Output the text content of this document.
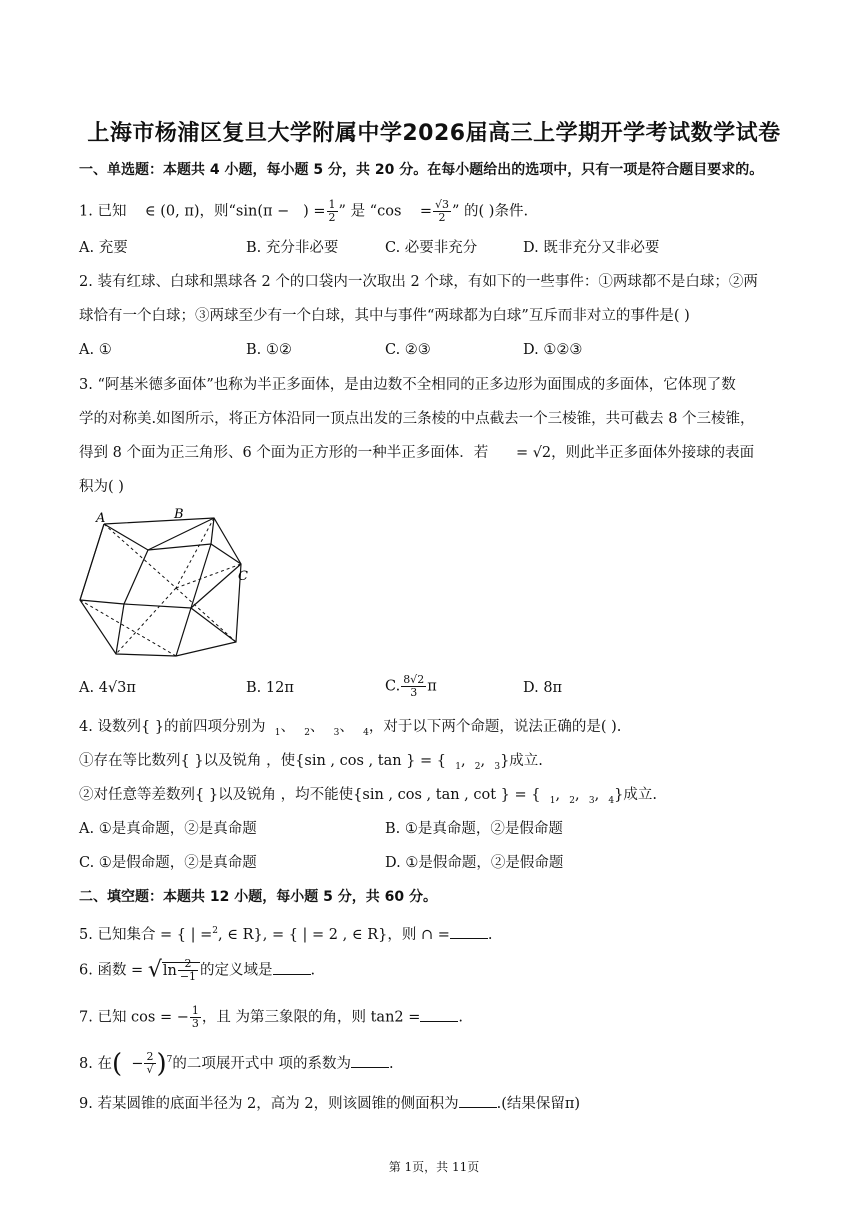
上海市杨浦区复旦大学附属中学2026届高三上学期开学考试数学试卷
一、单选题：本题共 4 小题，每小题 5 分，共 20 分。在每小题给出的选项中，只有一项是符合题目要求的。
1. 已知 ∈ (0, π)，则“sin(π − ) = $\frac{1}{2}$ ” 是 “$\cos = \frac{√3}{2}$ ” 的( )条件.
A. 充要	B. 充分非必要	C. 必要非充分	D. 既非充分又非必要
2. 装有红球、白球和黑球各 2 个的口袋内一次取出 2 个球，有如下的一些事件：①两球都不是白球；②两
球恰有一个白球；③两球至少有一个白球，其中与事件“两球都为白球”互斥而非对立的事件是( )
A. ①	B. ①②	C. ②③	D. ①②③
3. “阿基米德多面体”也称为半正多面体，是由边数不全相同的正多边形为面围成的多面体，它体现了数
学的对称美.如图所示，将正方体沿同一顶点出发的三条棱的中点截去一个三棱锥，共可截去 8 个三棱锥，
得到 8 个面为正三角形、6 个面为正方形的一种半正多面体．若 = √2，则此半正多面体外接球的表面
积为( )
A	B
C
A. 4√3π	B. 12π	C. $\frac{8√2}{3}$ π	D. 8π
4. 设数列{ }的前四项分别为 $_1$、  $_2$、  $_3$、  $_4$，对于以下两个命题，说法正确的是( ).
①存在等比数列{ }以及锐角 ，使{sin , cos , tan } = { $_1$,  $_2$,  $_3$}成立.
②对任意等差数列{ }以及锐角 ，均不能使{sin , cos , tan , cot } = { $_1$,  $_2$,  $_3$,  $_4$}成立.
A. ①是真命题，②是真命题	B. ①是真命题，②是假命题
C. ①是假命题，②是真命题	D. ①是假命题，②是假命题
二、填空题：本题共 12 小题，每小题 5 分，共 60 分。
5. 已知集合 = { | =$^2$, ∈ R}, = { | = 2 , ∈ R}，则 ∩ =	.
6. 函数 = $√\ln \frac{2}{-1}$ 的定义域是	.
7. 已知 cos = − $\frac{1}{3}$ ，且 为第三象限的角，则 tan2 =	.
8. 在(  − $\frac{2}{√} )^7$的二项展开式中 项的系数为	.
9. 若某圆锥的底面半径为 2，高为 2，则该圆锥的侧面积为	.(结果保留π)
第 1页，共 11页
